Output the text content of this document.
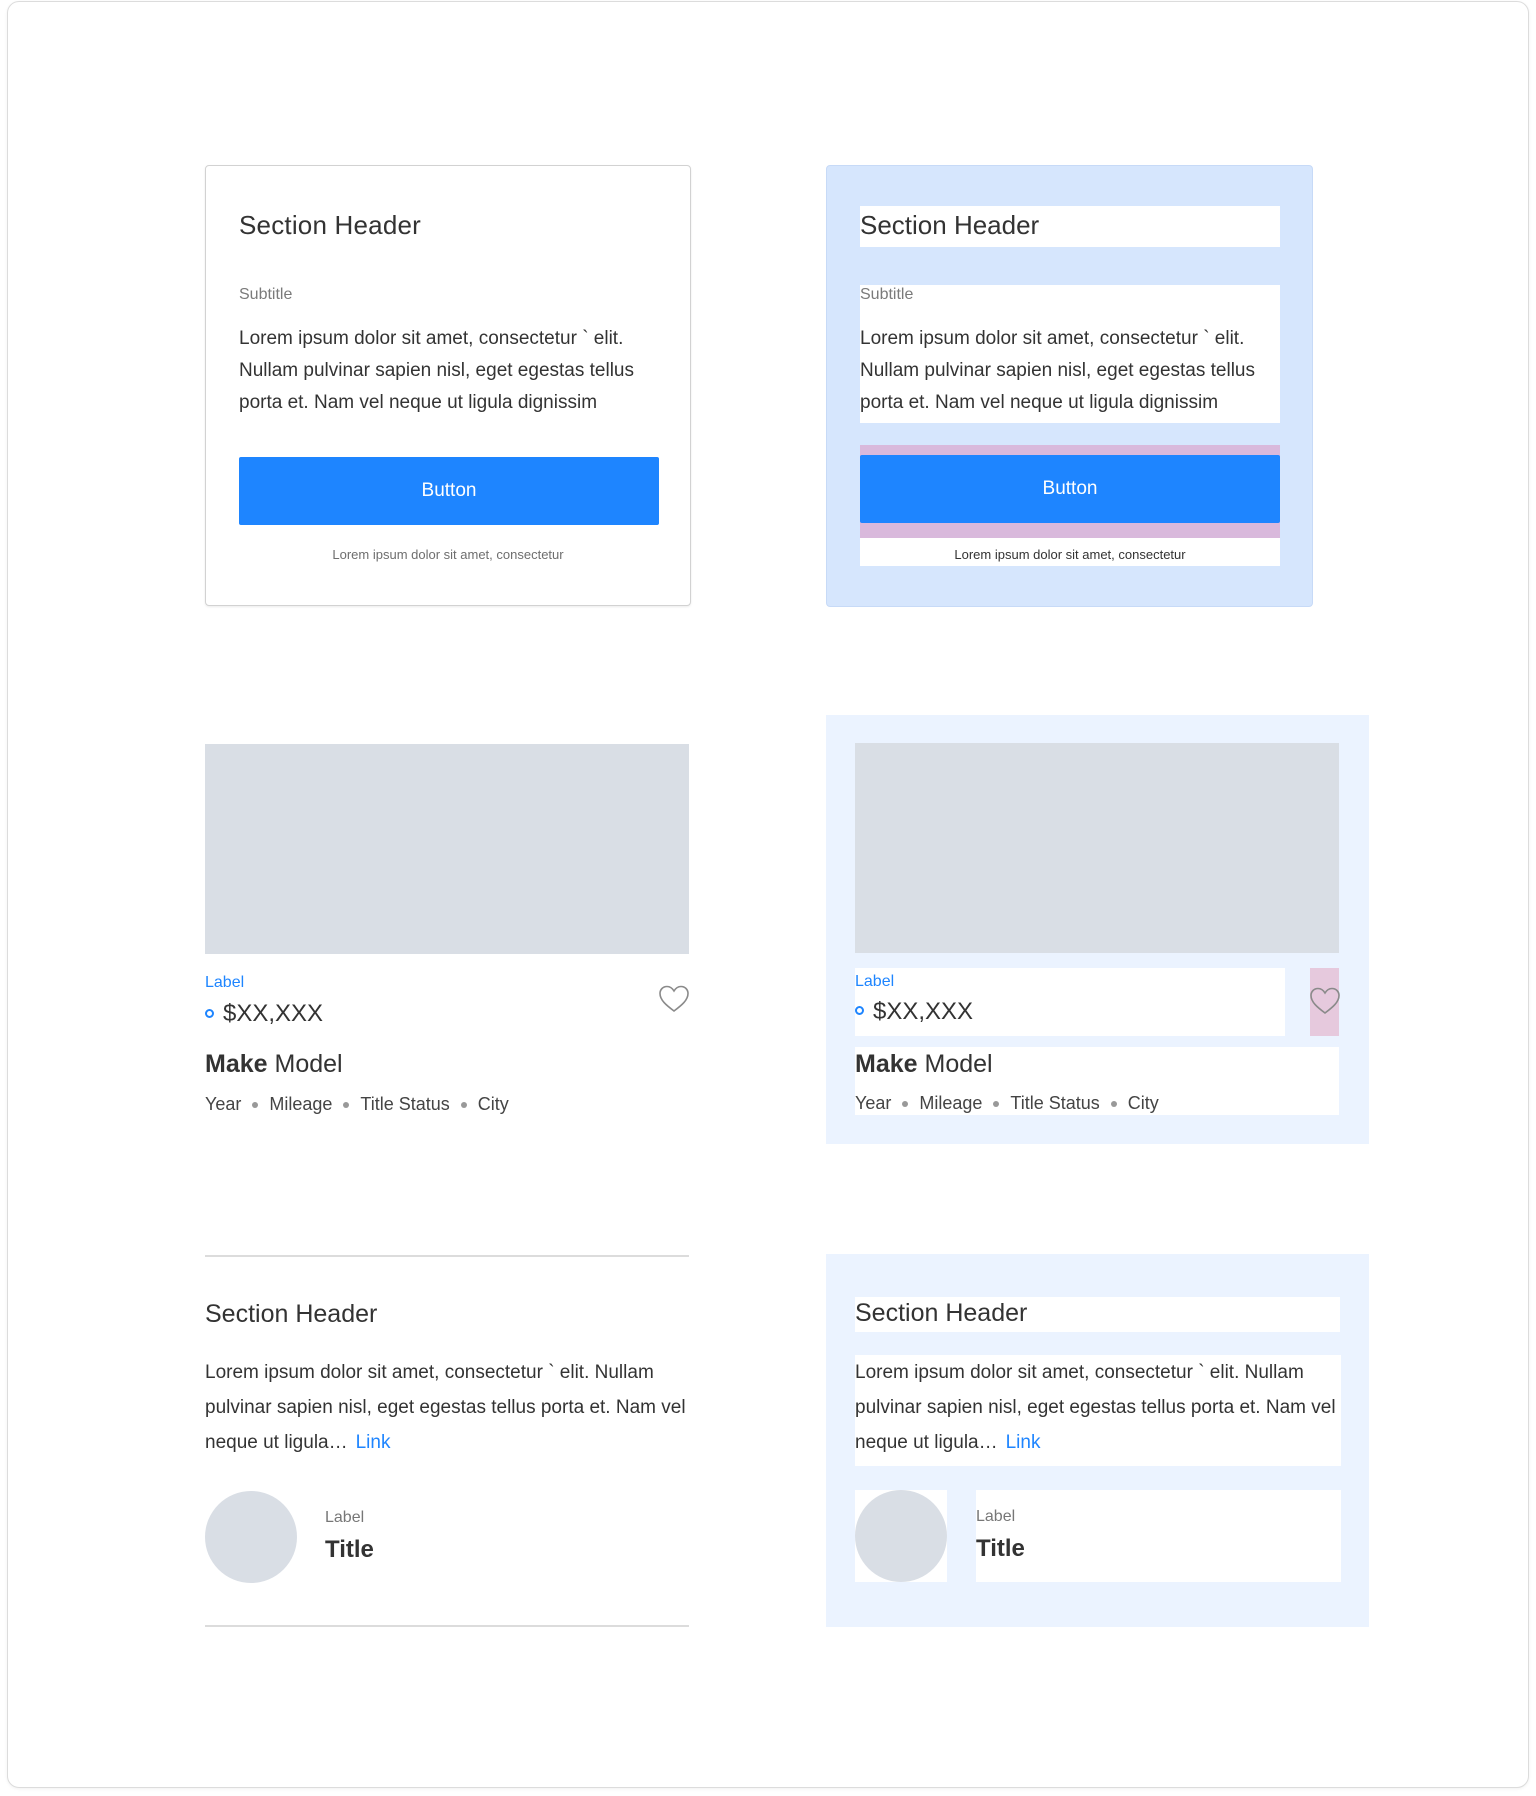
Section Header
Subtitle
Lorem ipsum dolor sit amet, consectetur ` elit. Nullam pulvinar sapien nisl, eget egestas tellus porta et. Nam vel neque ut ligula dignissim
Button
Lorem ipsum dolor sit amet, consectetur
Section Header
Subtitle
Lorem ipsum dolor sit amet, consectetur ` elit. Nullam pulvinar sapien nisl, eget egestas tellus porta et. Nam vel neque ut ligula dignissim
Button
Lorem ipsum dolor sit amet, consectetur
Label
$XX,XXX
Make Model
Year Mileage Title Status City
Label
$XX,XXX
Make Model
Year Mileage Title Status City
Section Header
Lorem ipsum dolor sit amet, consectetur ` elit. Nullam pulvinar sapien nisl, eget egestas tellus porta et. Nam vel neque ut ligula… Link
Label
Title
Section Header
Lorem ipsum dolor sit amet, consectetur ` elit. Nullam pulvinar sapien nisl, eget egestas tellus porta et. Nam vel neque ut ligula… Link
Label
Title
